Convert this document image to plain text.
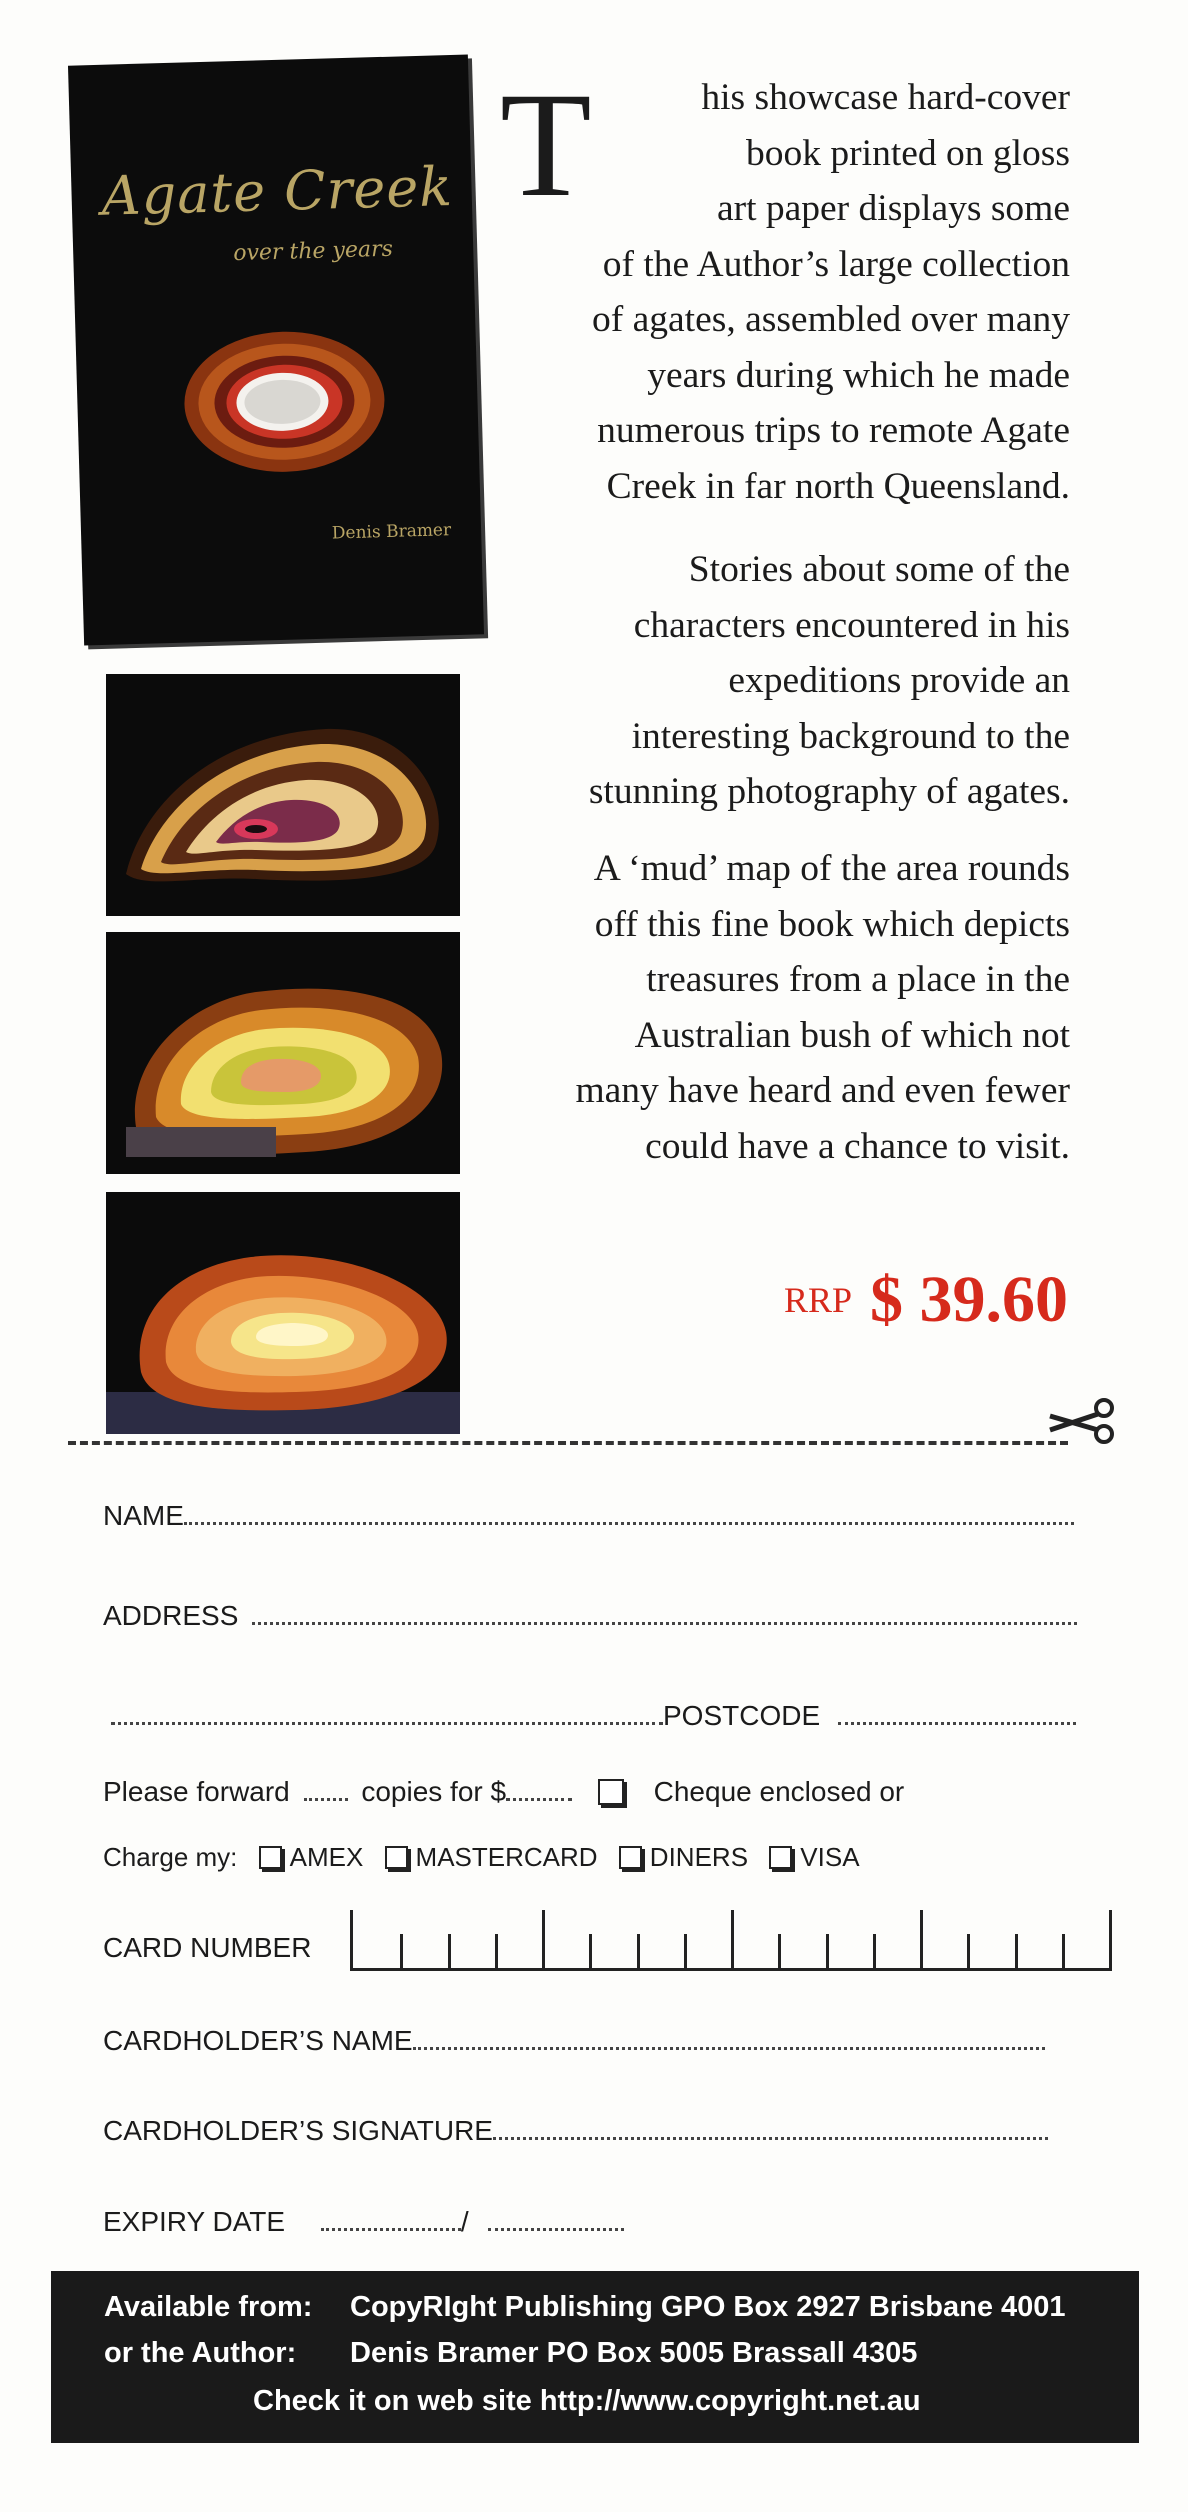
Agate Creek
over the years
Denis Bramer
T	his showcase hard-cover

book printed on gloss

art paper displays some

of the Author’s large collection

of agates, assembled over many

years during which he made

numerous trips to remote Agate

Creek in far north Queensland.

Stories about some of the

characters encountered in his

expeditions provide an

interesting background to the

stunning photography of agates.

A ‘mud’ map of the area rounds

off this fine book which depicts

treasures from a place in the

Australian bush of which not

many have heard and even fewer

could have a chance to visit.

RRP $ 39.60
NAME
ADDRESS
POSTCODE
Please forward	copies for $	Cheque enclosed or
Charge my: AMEX MASTERCARD DINERS VISA
CARD NUMBER
CARDHOLDER’S NAME
CARDHOLDER’S SIGNATURE
EXPIRY DATE	/
Available from: CopyRIght Publishing GPO Box 2927 Brisbane 4001
or the Author: Denis Bramer PO Box 5005 Brassall 4305
Check it on web site http://www.copyright.net.au
